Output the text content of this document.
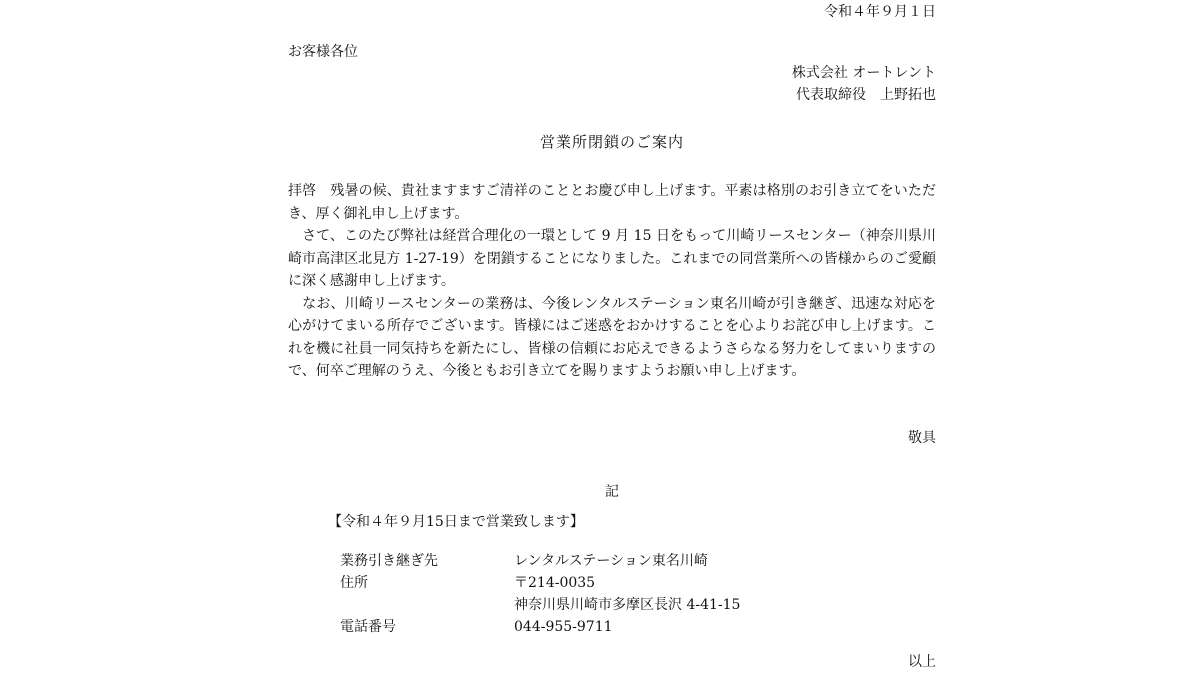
令和４年９月１日
お客様各位
株式会社 オートレント
代表取締役　上野拓也
営業所閉鎖のご案内

拝啓　残暑の候、貴社ますますご清祥のこととお慶び申し上げます。平素は格別のお引き立てをいただき、厚く御礼申し上げます。

　さて、このたび弊社は経営合理化の一環として 9 月 15 日をもって川崎リースセンター（神奈川県川崎市高津区北見方 1-27-19）を閉鎖することになりました。これまでの同営業所への皆様からのご愛顧に深く感謝申し上げます。

　なお、川崎リースセンターの業務は、今後レンタルステーション東名川崎が引き継ぎ、迅速な対応を心がけてまいる所存でございます。皆様にはご迷惑をおかけすることを心よりお詫び申し上げます。これを機に社員一同気持ちを新たにし、皆様の信頼にお応えできるようさらなる努力をしてまいりますので、何卒ご理解のうえ、今後ともお引き立てを賜りますようお願い申し上げます。

敬具
記
【令和４年９月15日まで営業致します】
業務引き継ぎ先	レンタルステーション東名川崎
住所	〒214-0035
神奈川県川崎市多摩区長沢 4-41-15
電話番号	044-955-9711
以上
